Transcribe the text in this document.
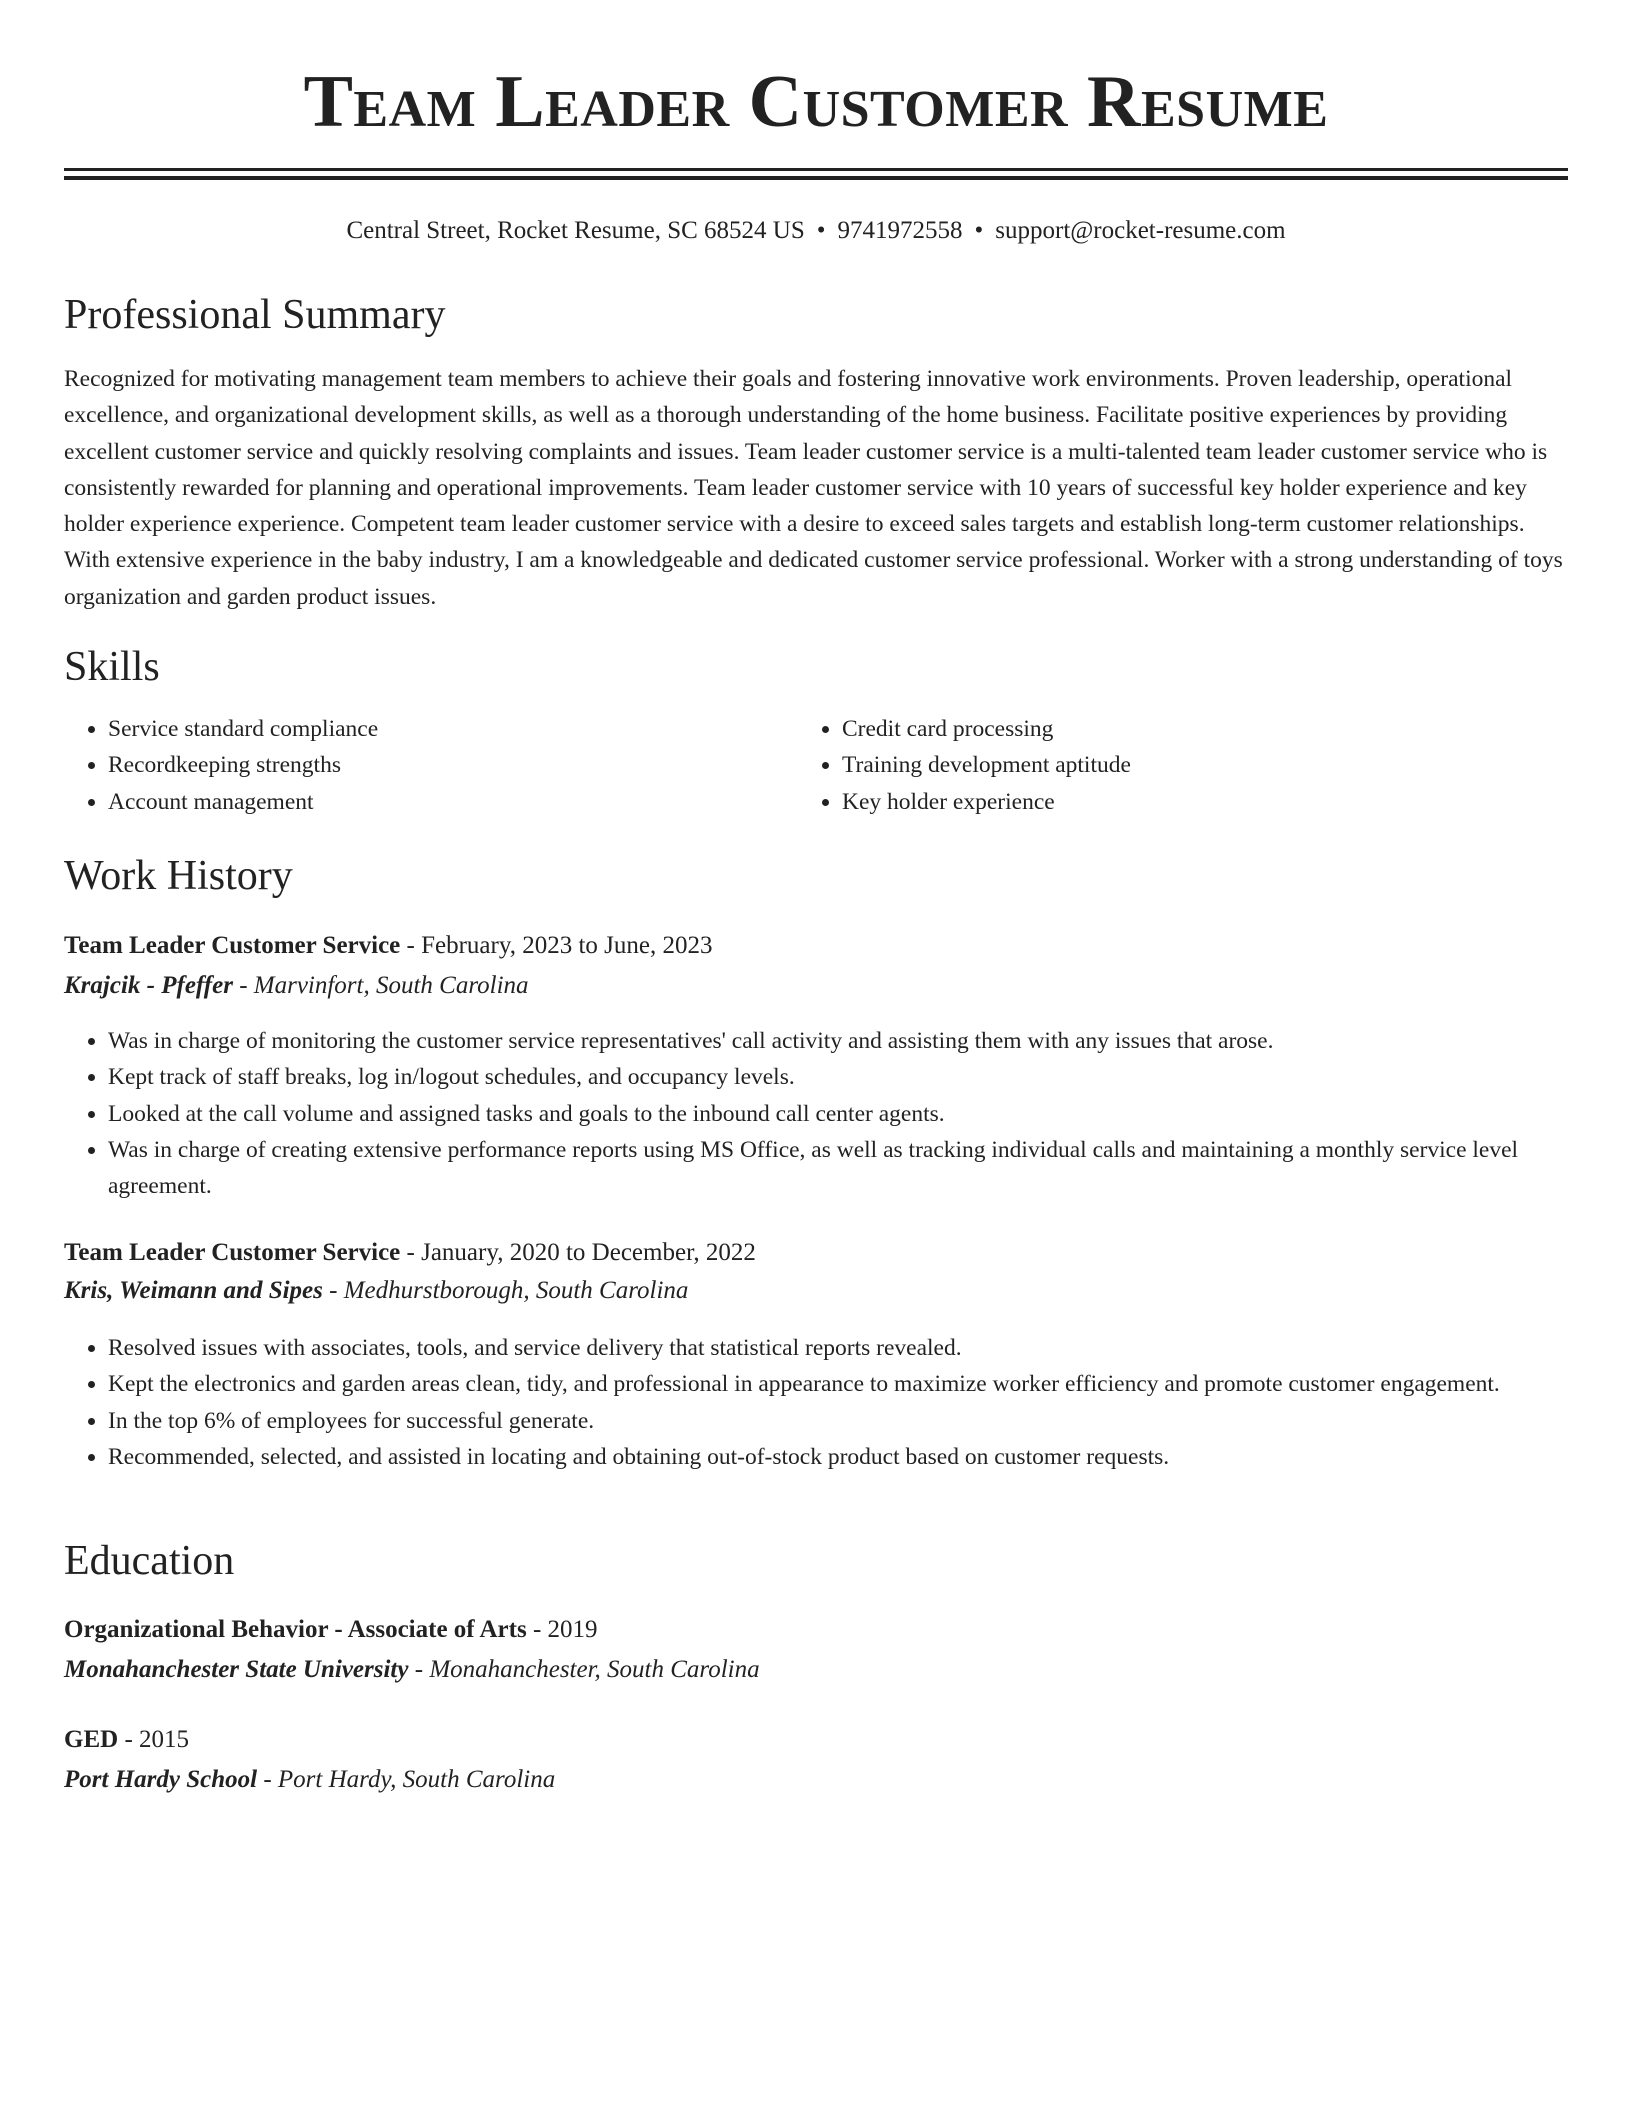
Team Leader Customer Resume
Central Street, Rocket Resume, SC 68524 US • 9741972558 • support@rocket-resume.com
Professional Summary

Recognized for motivating management team members to achieve their goals and fostering innovative work environments. Proven leadership, operational excellence, and organizational development skills, as well as a thorough understanding of the home business. Facilitate positive experiences by providing excellent customer service and quickly resolving complaints and issues. Team leader customer service is a multi-talented team leader customer service who is consistently rewarded for planning and operational improvements. Team leader customer service with 10 years of successful key holder experience and key holder experience experience. Competent team leader customer service with a desire to exceed sales targets and establish long-term customer relationships. With extensive experience in the baby industry, I am a knowledgeable and dedicated customer service professional. Worker with a strong understanding of toys organization and garden product issues.

Skills
• Service standard compliance
• Recordkeeping strengths
• Account management
• Credit card processing
• Training development aptitude
• Key holder experience
Work History

Team Leader Customer Service - February, 2023 to June, 2023

Krajcik - Pfeffer - Marvinfort, South Carolina

• Was in charge of monitoring the customer service representatives' call activity and assisting them with any issues that arose.
• Kept track of staff breaks, log in/logout schedules, and occupancy levels.
• Looked at the call volume and assigned tasks and goals to the inbound call center agents.
• Was in charge of creating extensive performance reports using MS Office, as well as tracking individual calls and maintaining a monthly service level agreement.

Team Leader Customer Service - January, 2020 to December, 2022

Kris, Weimann and Sipes - Medhurstborough, South Carolina

• Resolved issues with associates, tools, and service delivery that statistical reports revealed.
• Kept the electronics and garden areas clean, tidy, and professional in appearance to maximize worker efficiency and promote customer engagement.
• In the top 6% of employees for successful generate.
• Recommended, selected, and assisted in locating and obtaining out-of-stock product based on customer requests.
Education

Organizational Behavior - Associate of Arts - 2019

Monahanchester State University - Monahanchester, South Carolina

GED - 2015

Port Hardy School - Port Hardy, South Carolina
